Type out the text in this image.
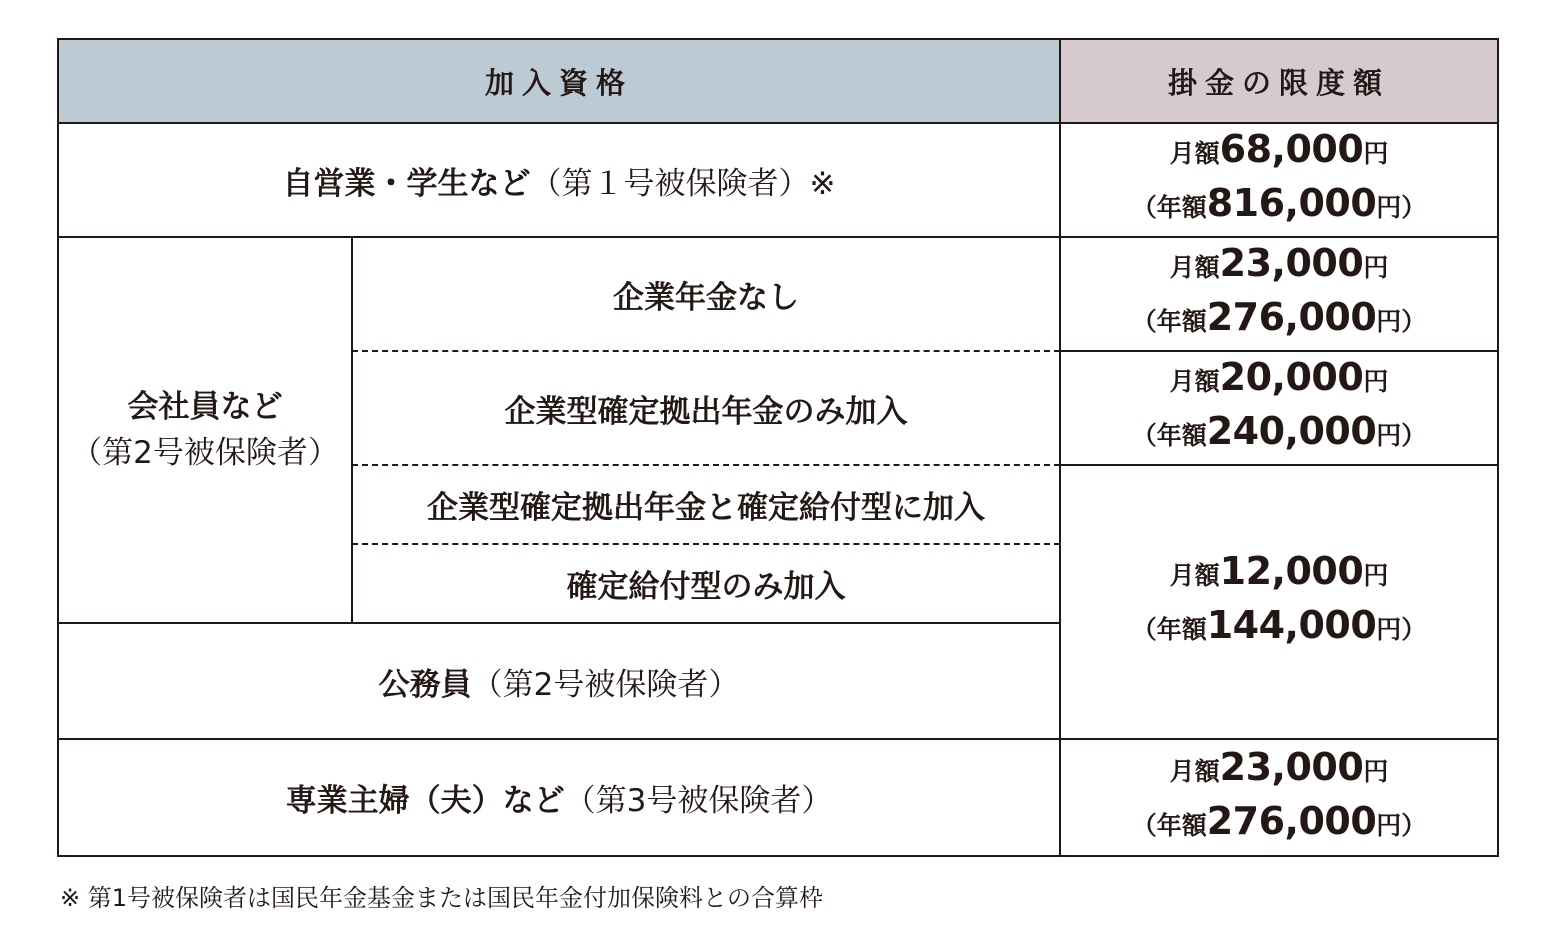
加入資格	掛金の限度額
自営業・学生など （第１号被保険者）※
月額68,000円
（年額816,000円）
会社員など
（第2号被保険者）
企業年金なし
月額23,000円
（年額276,000円）
企業型確定拠出年金のみ加入
月額20,000円
（年額240,000円）
企業型確定拠出年金と確定給付型に加入
確定給付型のみ加入
公務員 （第2号被保険者）
月額12,000円
（年額144,000円）
専業主婦（夫）など （第3号被保険者）
月額23,000円
（年額276,000円）
※ 第1号被保険者は国民年金基金または国民年金付加保険料との合算枠
